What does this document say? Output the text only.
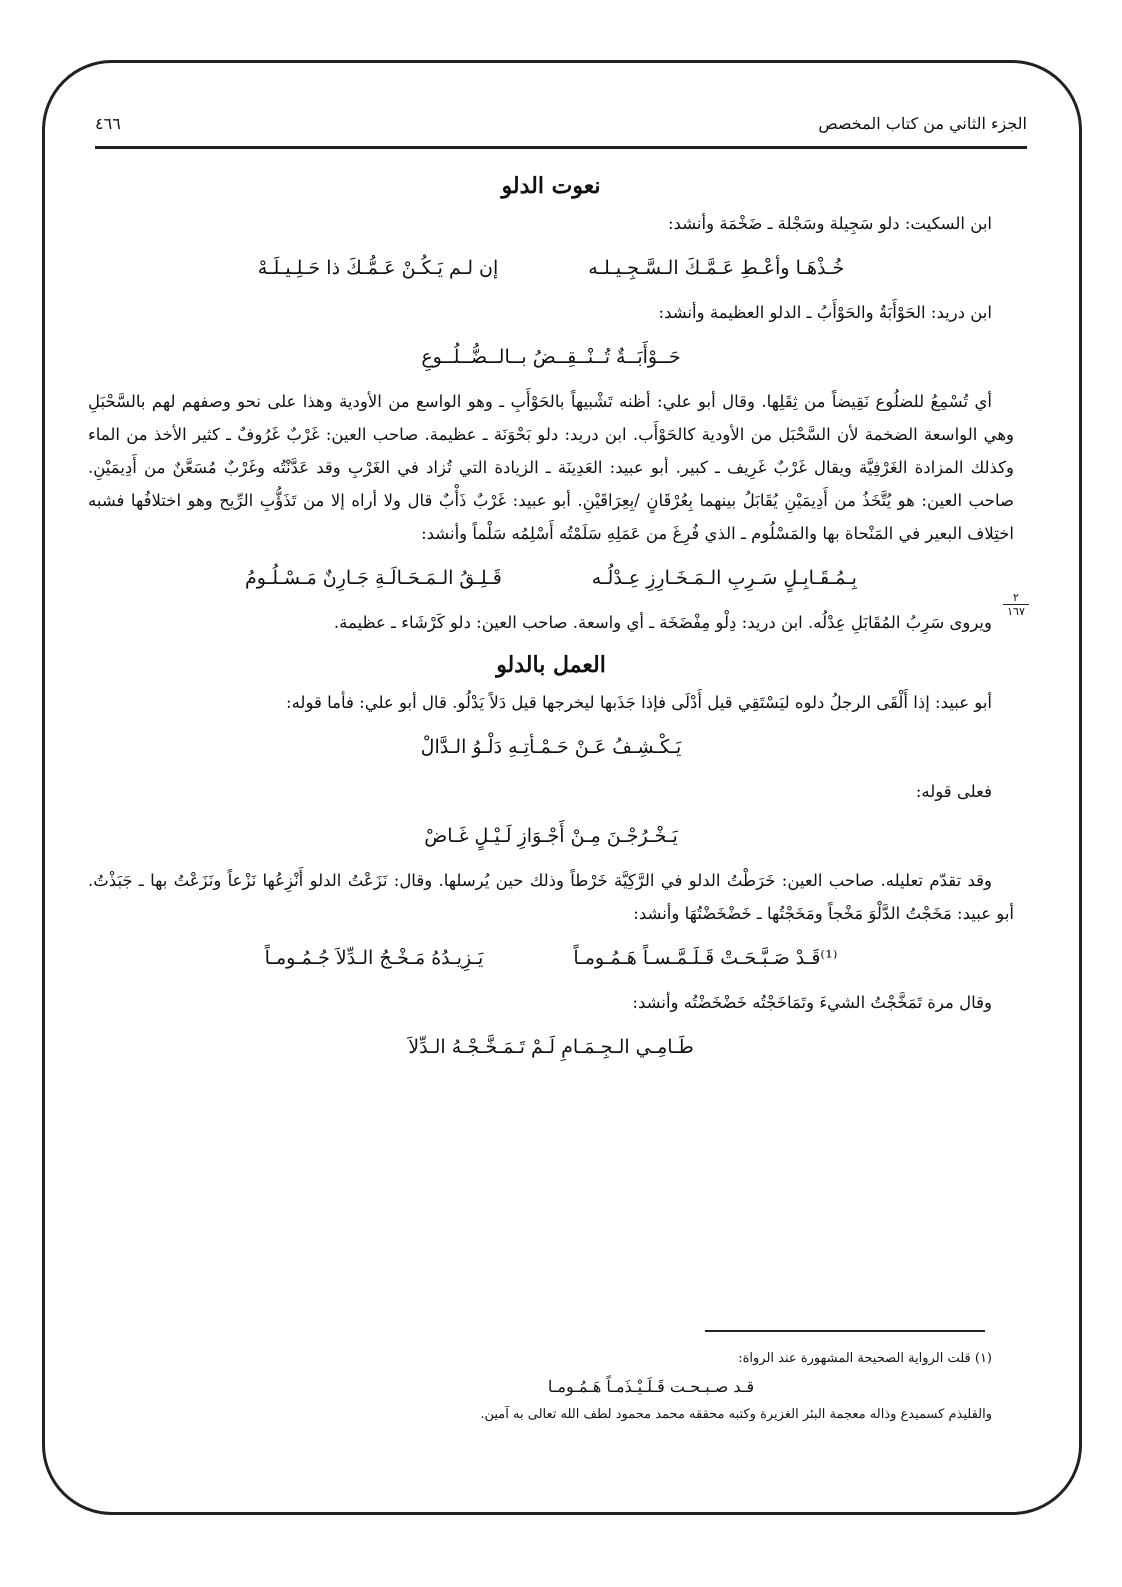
الجزء الثاني من كتاب المخصص
٤٦٦
٢
١٦٧

نعوت الدلو

ابن السكيت: دلو سَجِيلة وسَجْلة ـ ضَخْمَة وأنشد:

خُـذْهَـا وأعْـطِ عَـمَّـكَ الـسَّـجِـيـلـه
إن لـم يَـكُـنْ عَـمُّـكَ ذا حَـلِـيـلَـهْ

ابن دريد: الحَوْأَبَةُ والحَوْأَبُ ـ الدلو العظيمة وأنشد:

حَــوْأَبَــةٌ تُــنْــقِــضُ بــالــضُّــلُــوعِ

أي تُسْمِعُ للضلُوع نَقِيضاً من ثِقَلِها. وقال أبو علي: أظنه تَشْبيهاً بالحَوْأَبِ ـ وهو الواسع من الأودية وهذا على نحو وصفهم لهم بالسَّحْبَلِ وهي الواسعة الضخمة لأن السَّحْبَل من الأودية كالحَوْأَب. ابن دريد: دلو بَحْوَنَة ـ عظيمة. صاحب العين: غَرْبٌ غَرُوفٌ ـ كثير الأخذ من الماء وكذلك المزادة الغَرْفِيَّة ويقال غَرْبٌ غَرِيف ـ كبير. أبو عبيد: العَدِينَة ـ الزيادة التي تُزاد في الغَرْبِ وقد عَدَّنْتُه وغَرْبٌ مُسَعَّنٌ من أَدِيمَيْنِ. صاحب العين: هو يُتَّخَذُ من أَدِيمَيْنِ يُقَابَلُ بينهما بِعُرْقَانٍ /بِعِرَاقَيْنِ. أبو عبيد: غَرْبٌ ذَأْبٌ قال ولا أراه إلا من تَذَؤُّبِ الرِّيح وهو اختلافُها فشبه اختِلاف البعير في المَنْحاة بها والمَسْلُوم ـ الذي فُرِغَ من عَمَلِهِ سَلَمْتُه أَسْلِمُه سَلْماً وأنشد:

بِـمُـقَـابِـلٍ سَـرِبِ الـمَـخَـارِزِ عِـدْلُـه
قَـلِـقُ الـمَـحَـالَـةِ جَـارِنٌ مَـسْـلُـومُ

ويروى سَرِبُ المُقَابَلِ عِدْلُه. ابن دريد: دِلْو مِفْضَخَة ـ أي واسعة. صاحب العين: دلو كَرْشَاء ـ عظيمة.

العمل بالدلو

أبو عبيد: إذا أَلْقَى الرجلُ دلوه ليَسْتَقِي قيل أَدْلَى فإذا جَذَبها ليخرجها قيل دَلاً يَدْلُو. قال أبو علي: فأما قوله:

يَـكْـشِـفُ عَـنْ حَـمْـأتِـهِ دَلْـوُ الـدَّالْ

فعلى قوله:

يَـخْـرُجْـنَ مِـنْ أَجْـوَازِ لَـيْـلٍ غَـاضْ

وقد تقدّم تعليله. صاحب العين: خَرَطْتُ الدلو في الرَّكِيَّة خَرْطاً وذلك حين يُرسلها. وقال: نَزَعْتُ الدلو أَنْزِعُها نَزْعاً ونَزَعْتُ بها ـ جَبَذْتُ. أبو عبيد: مَخَجْتُ الدَّلْوَ مَخْجاً ومَخَجْتُها ـ خَضْخَضْتُهَا وأنشد:

⁽¹⁾قَـدْ صَـبَّـحَـتْ قَـلَـمَّـسـاً هَـمُـومـاً
يَـزِيـدُهُ مَـخْـجُ الـدِّلاَ جُـمُـومـاً

وقال مرة تَمَخَّجْتُ الشيءَ وتَمَاخَجْتُه خَضْخَضْتُه وأنشد:

طَـامِـي الـجِـمَـامِ لَـمْ تَـمَـخَّـجْـهُ الـدِّلاَ

(١) قلت الرواية الصحيحة المشهورة عند الرواة:

قـد صـبـحـت قَـلَـيْـذَمـاً هَـمُـومـا

والقليذم كسميدع وذاله معجمة البئر الغزيرة وكتبه محققه محمد محمود لطف الله تعالى به آمين.
